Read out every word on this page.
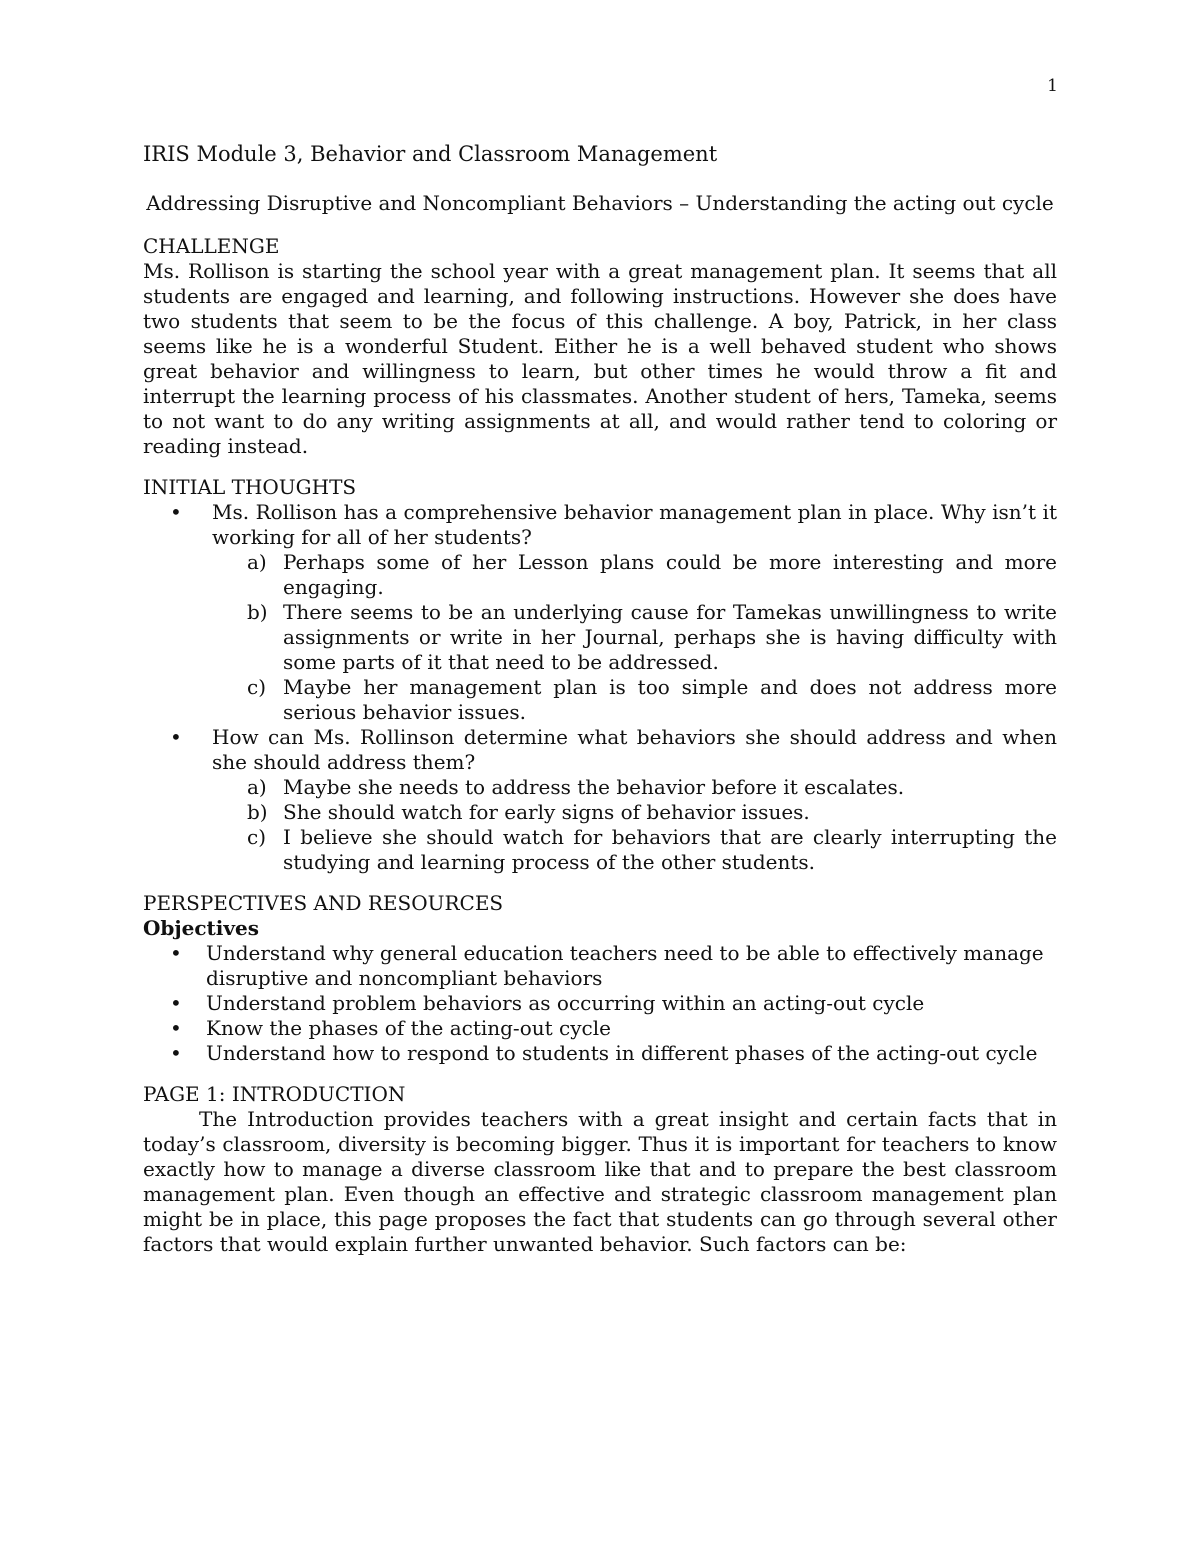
1
IRIS Module 3, Behavior and Classroom Management
Addressing Disruptive and Noncompliant Behaviors – Understanding the acting out cycle
CHALLENGE

Ms. Rollison is starting the school year with a great management plan. It seems that all students are engaged and learning, and following instructions. However she does have two students that seem to be the focus of this challenge. A boy, Patrick, in her class seems like he is a wonderful Student. Either he is a well behaved student who shows great behavior and willingness to learn, but other times he would throw a fit and interrupt the learning process of his classmates. Another student of hers, Tameka, seems to not want to do any writing assignments at all, and would rather tend to coloring or reading instead.

INITIAL THOUGHTS
• Ms. Rollison has a comprehensive behavior management plan in place. Why isn’t it working for all of her students?
a) Perhaps some of her Lesson plans could be more interesting and more engaging.
b) There seems to be an underlying cause for Tamekas unwillingness to write assignments or write in her Journal, perhaps she is having difficulty with some parts of it that need to be addressed.
c) Maybe her management plan is too simple and does not address more serious behavior issues.
• How can Ms. Rollinson determine what behaviors she should address and when she should address them?
a) Maybe she needs to address the behavior before it escalates.
b) She should watch for early signs of behavior issues.
c) I believe she should watch for behaviors that are clearly interrupting the studying and learning process of the other students.
PERSPECTIVES AND RESOURCES
Objectives
• Understand why general education teachers need to be able to effectively manage disruptive and noncompliant behaviors
• Understand problem behaviors as occurring within an acting-out cycle
• Know the phases of the acting-out cycle
• Understand how to respond to students in different phases of the acting-out cycle
PAGE 1: INTRODUCTION

The Introduction provides teachers with a great insight and certain facts that in today’s classroom, diversity is becoming bigger. Thus it is important for teachers to know exactly how to manage a diverse classroom like that and to prepare the best classroom management plan. Even though an effective and strategic classroom management plan might be in place, this page proposes the fact that students can go through several other factors that would explain further unwanted behavior. Such factors can be:
